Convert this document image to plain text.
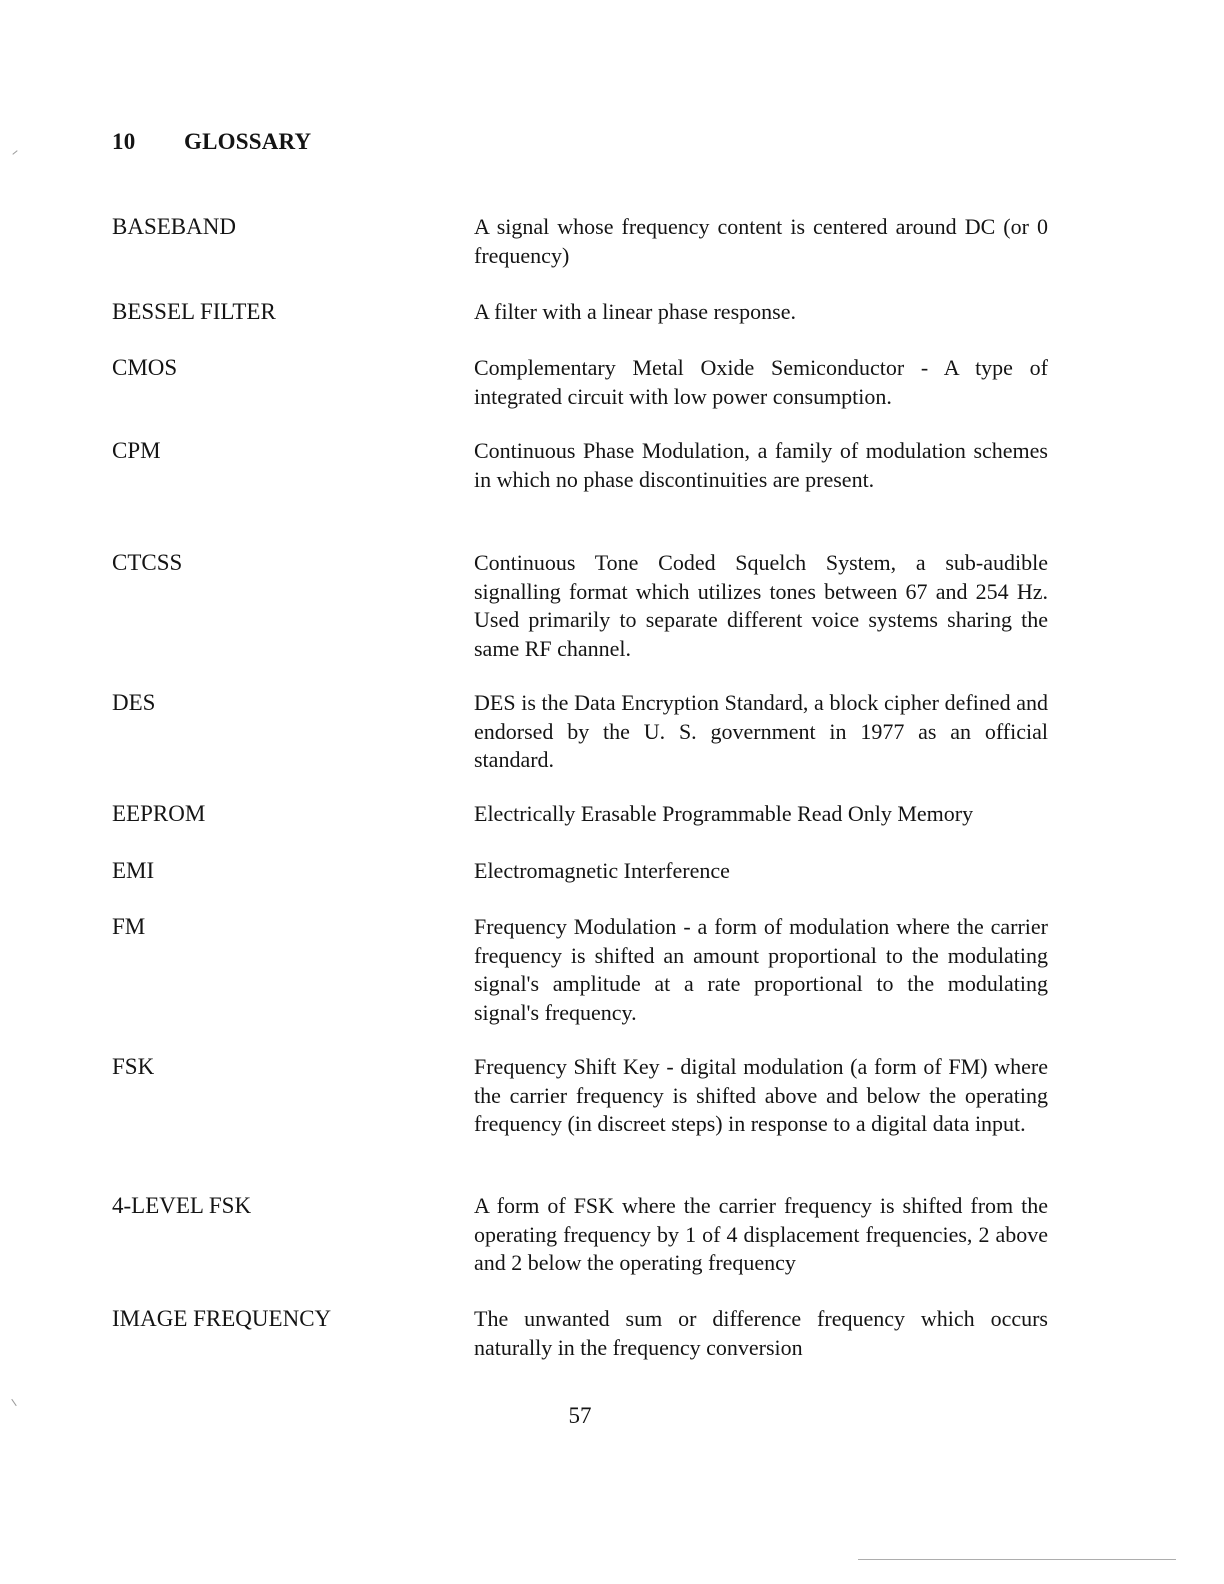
10 GLOSSARY
BASEBAND	A signal whose frequency content is centered around DC (or 0 frequency)
BESSEL FILTER	A filter with a linear phase response.
CMOS	Complementary Metal Oxide Semiconductor - A type of integrated circuit with low power consumption.
CPM	Continuous Phase Modulation, a family of modulation schemes in which no phase discontinuities are present.
CTCSS	Continuous Tone Coded Squelch System, a sub-audible signalling format which utilizes tones between 67 and 254 Hz. Used primarily to separate different voice systems sharing the same RF channel.
DES	DES is the Data Encryption Standard, a block cipher defined and endorsed by the U. S. government in 1977 as an official standard.
EEPROM	Electrically Erasable Programmable Read Only Memory
EMI	Electromagnetic Interference
FM	Frequency Modulation - a form of modulation where the carrier frequency is shifted an amount proportional to the modulating signal's amplitude at a rate proportional to the modulating signal's frequency.
FSK	Frequency Shift Key - digital modulation (a form of FM) where the carrier frequency is shifted above and below the operating frequency (in discreet steps) in response to a digital data input.
4-LEVEL FSK	A form of FSK where the carrier frequency is shifted from the operating frequency by 1 of 4 displacement frequencies, 2 above and 2 below the operating frequency
IMAGE FREQUENCY	The unwanted sum or difference frequency which occurs naturally in the frequency conversion
57
